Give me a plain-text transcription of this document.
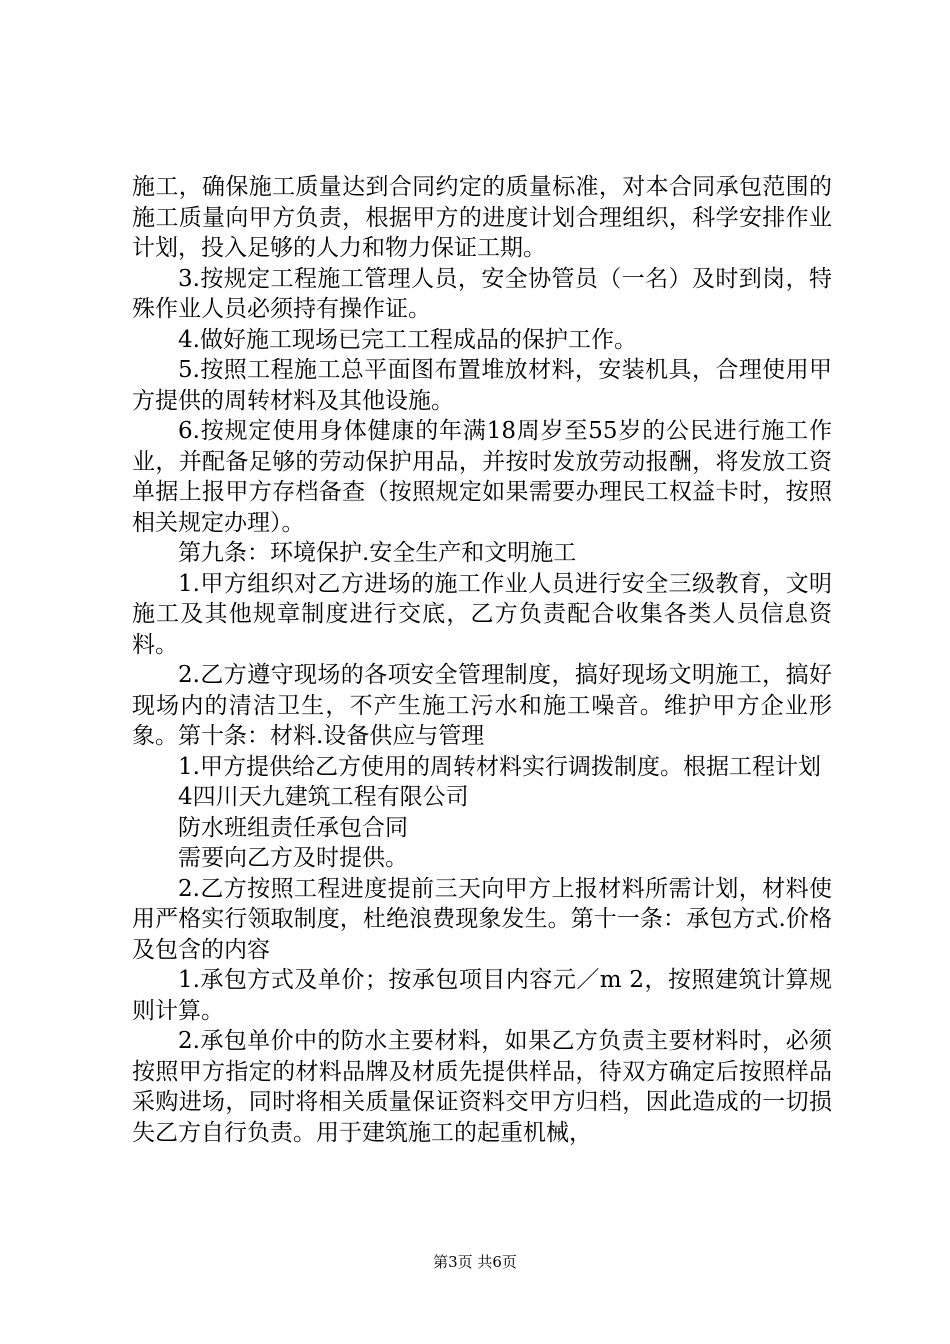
施工，确保施工质量达到合同约定的质量标准，对本合同承包范围的施工质量向甲方负责，根据甲方的进度计划合理组织，科学安排作业计划，投入足够的人力和物力保证工期。

3.按规定工程施工管理人员，安全协管员（一名）及时到岗，特殊作业人员必须持有操作证。

4.做好施工现场已完工工程成品的保护工作。

5.按照工程施工总平面图布置堆放材料，安装机具，合理使用甲方提供的周转材料及其他设施。

6.按规定使用身体健康的年满18周岁至55岁的公民进行施工作业，并配备足够的劳动保护用品，并按时发放劳动报酬，将发放工资单据上报甲方存档备查（按照规定如果需要办理民工权益卡时，按照相关规定办理）。

第九条：环境保护.安全生产和文明施工

1.甲方组织对乙方进场的施工作业人员进行安全三级教育，文明施工及其他规章制度进行交底，乙方负责配合收集各类人员信息资料。

2.乙方遵守现场的各项安全管理制度，搞好现场文明施工，搞好现场内的清洁卫生，不产生施工污水和施工噪音。维护甲方企业形象。第十条：材料.设备供应与管理

1.甲方提供给乙方使用的周转材料实行调拨制度。根据工程计划

4四川天九建筑工程有限公司

防水班组责任承包合同

需要向乙方及时提供。

2.乙方按照工程进度提前三天向甲方上报材料所需计划，材料使用严格实行领取制度，杜绝浪费现象发生。第十一条：承包方式.价格及包含的内容

1.承包方式及单价；按承包项目内容元／m 2，按照建筑计算规则计算。

2.承包单价中的防水主要材料，如果乙方负责主要材料时，必须按照甲方指定的材料品牌及材质先提供样品，待双方确定后按照样品采购进场，同时将相关质量保证资料交甲方归档，因此造成的一切损失乙方自行负责。用于建筑施工的起重机械，

第3页 共6页
